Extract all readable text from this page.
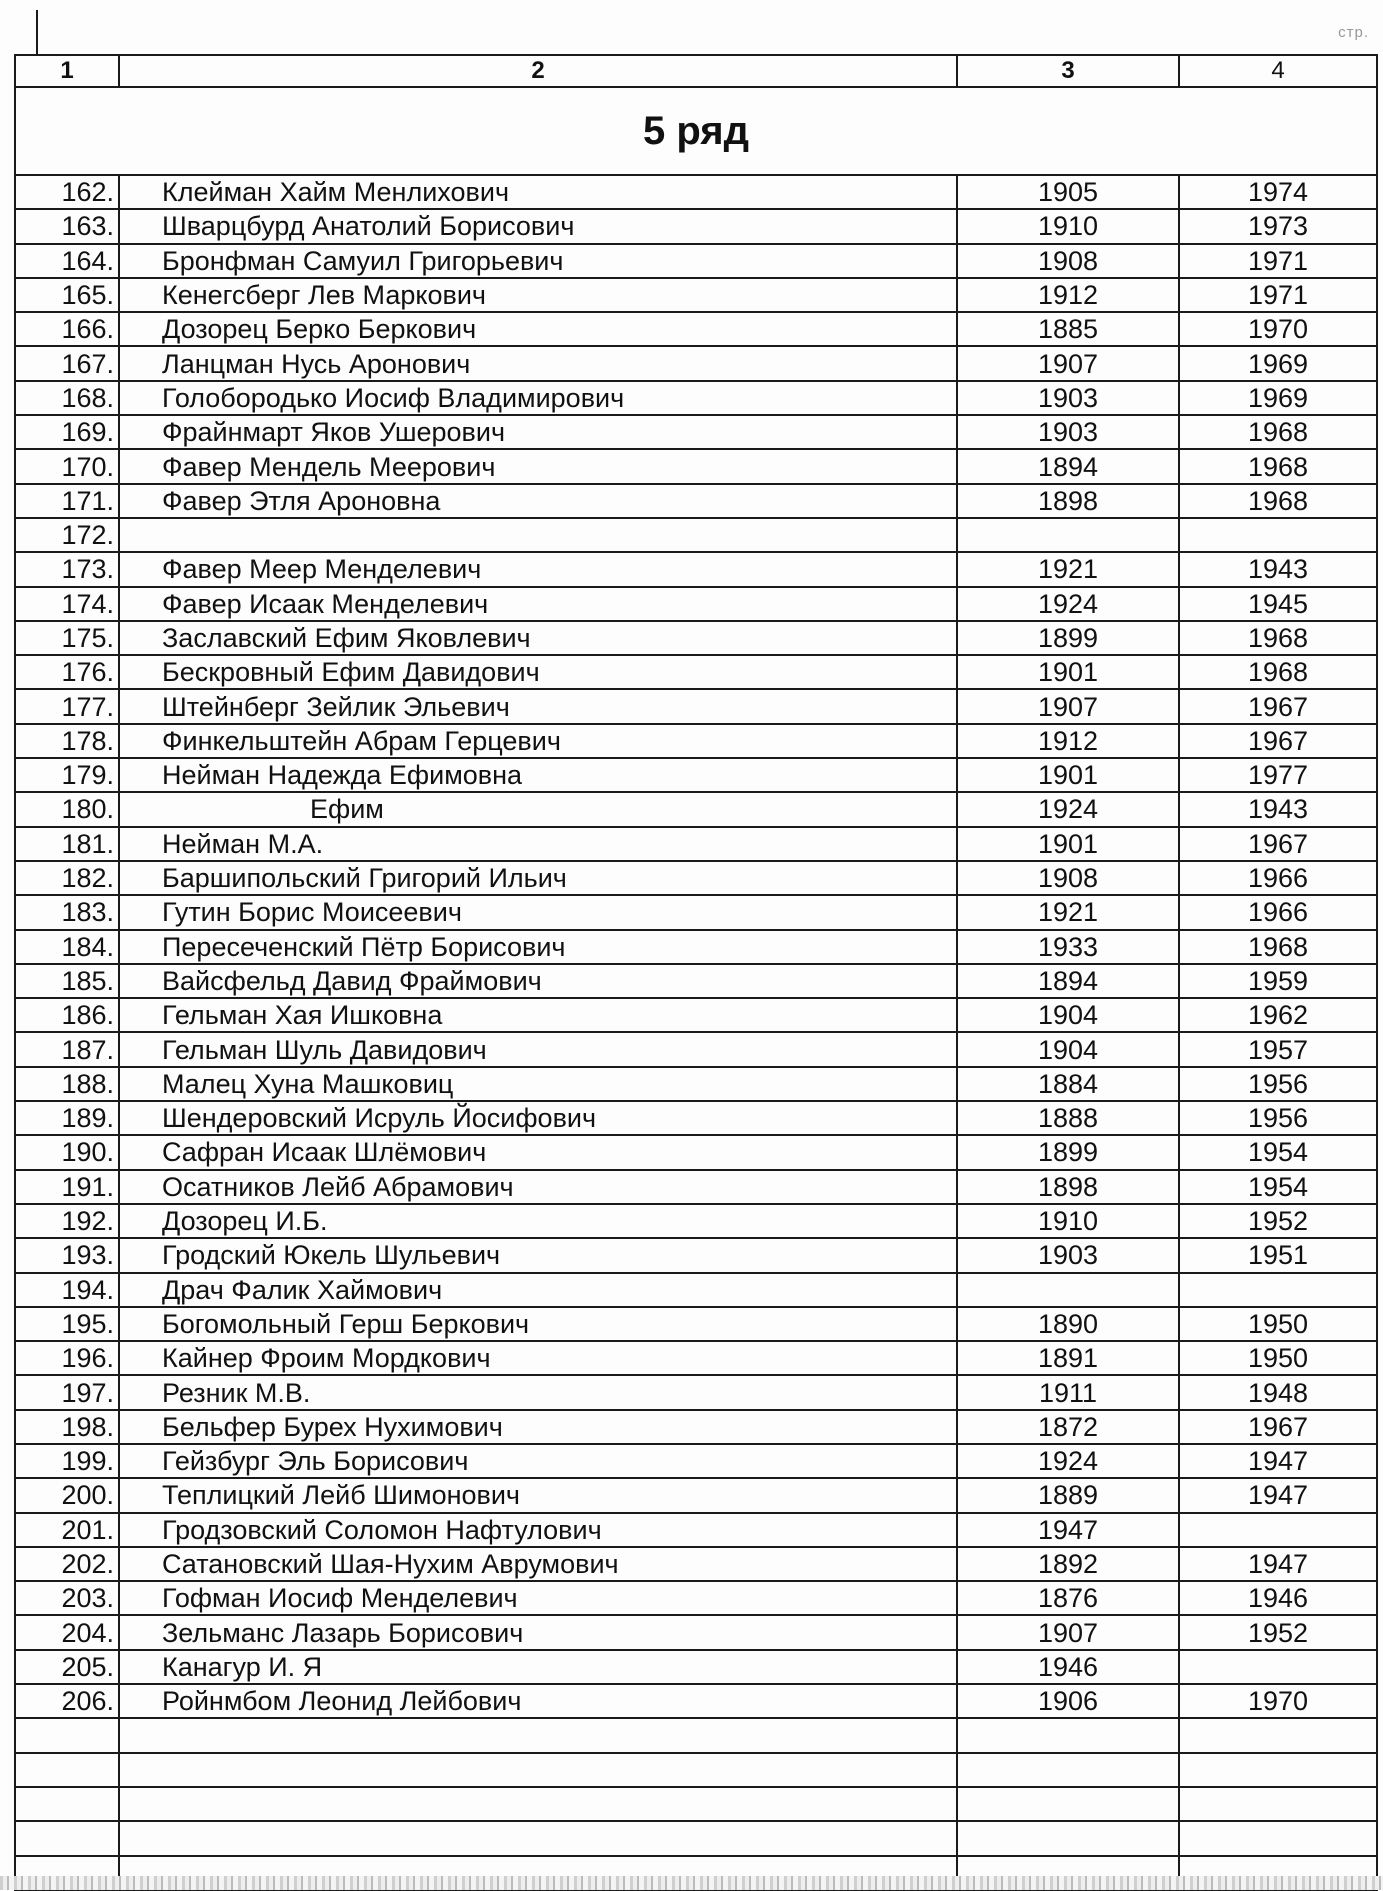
стр.
1	2	3	4
5 ряд			
162.	Клейман Хайм Менлихович	1905	1974
163.	Шварцбурд Анатолий Борисович	1910	1973
164.	Бронфман Самуил Григорьевич	1908	1971
165.	Кенегсберг Лев Маркович	1912	1971
166.	Дозорец Берко Беркович	1885	1970
167.	Ланцман Нусь Аронович	1907	1969
168.	Голобородько Иосиф Владимирович	1903	1969
169.	Фрайнмарт Яков Ушерович	1903	1968
170.	Фавер Мендель Меерович	1894	1968
171.	Фавер Этля Ароновна	1898	1968
172.			
173.	Фавер Меер Менделевич	1921	1943
174.	Фавер Исаак Менделевич	1924	1945
175.	Заславский Ефим Яковлевич	1899	1968
176.	Бескровный Ефим Давидович	1901	1968
177.	Штейнберг Зейлик Эльевич	1907	1967
178.	Финкельштейн Абрам Герцевич	1912	1967
179.	Нейман Надежда Ефимовна	1901	1977
180.	Ефим	1924	1943
181.	Нейман М.А.	1901	1967
182.	Баршипольский Григорий Ильич	1908	1966
183.	Гутин Борис Моисеевич	1921	1966
184.	Пересеченский Пётр Борисович	1933	1968
185.	Вайсфельд Давид Фраймович	1894	1959
186.	Гельман Хая Ишковна	1904	1962
187.	Гельман Шуль Давидович	1904	1957
188.	Малец Хуна Машковиц	1884	1956
189.	Шендеровский Исруль Йосифович	1888	1956
190.	Сафран Исаак Шлёмович	1899	1954
191.	Осатников Лейб Абрамович	1898	1954
192.	Дозорец И.Б.	1910	1952
193.	Гродский Юкель Шульевич	1903	1951
194.	Драч Фалик Хаймович		
195.	Богомольный Герш Беркович	1890	1950
196.	Кайнер Фроим Мордкович	1891	1950
197.	Резник М.В.	1911	1948
198.	Бельфер Бурех Нухимович	1872	1967
199.	Гейзбург Эль Борисович	1924	1947
200.	Теплицкий Лейб Шимонович	1889	1947
201.	Гродзовский Соломон Нафтулович	1947	
202.	Сатановский Шая-Нухим Аврумович	1892	1947
203.	Гофман Иосиф Менделевич	1876	1946
204.	Зельманс Лазарь Борисович	1907	1952
205.	Канагур И. Я	1946	
206.	Ройнмбом Леонид Лейбович	1906	1970
